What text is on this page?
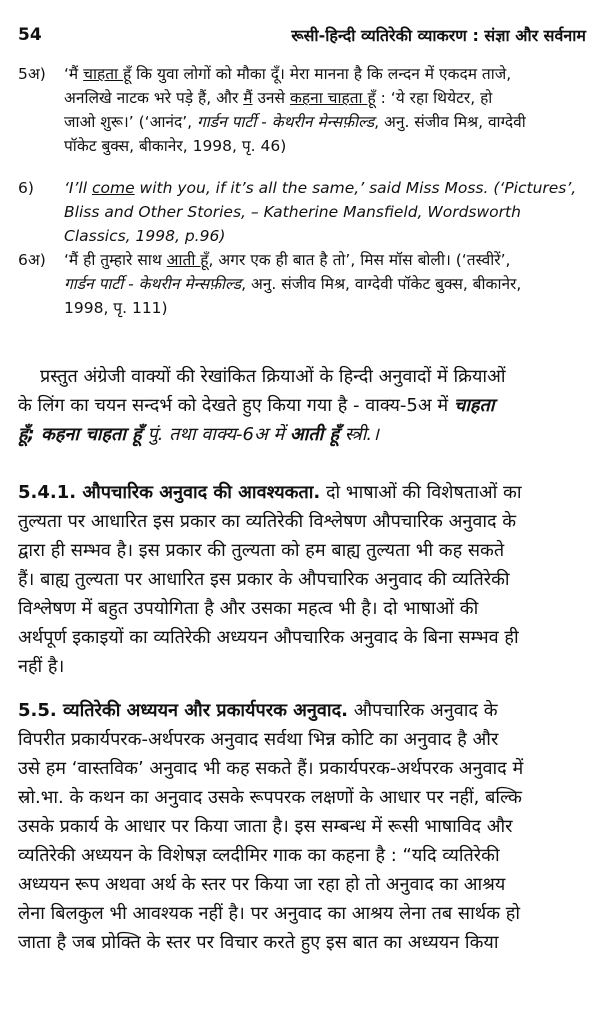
54	रूसी-हिन्दी व्यतिरेकी व्याकरण : संज्ञा और सर्वनाम
5अ) ‘मैं चाहता हूँ कि युवा लोगों को मौका दूँ। मेरा मानना है कि लन्दन में एकदम ताजे,
अनलिखे नाटक भरे पड़े हैं, और मैं उनसे कहना चाहता हूँ : ‘ये रहा थियेटर, हो
जाओ शुरू।’ (‘आनंद’, गार्डन पार्टी - केथरीन मेन्सफ़ील्ड, अनु. संजीव मिश्र, वाग्देवी
पॉकेट बुक्स, बीकानेर, 1998, पृ. 46)
6) ‘I’ll come with you, if it’s all the same,’ said Miss Moss. (‘Pictures’,
Bliss and Other Stories, – Katherine Mansfield, Wordsworth
Classics, 1998, p.96)
6अ) ‘मैं ही तुम्हारे साथ आती हूँ, अगर एक ही बात है तो’, मिस मॉस बोली। (‘तस्वीरें’,
गार्डन पार्टी - केथरीन मेन्सफ़ील्ड, अनु. संजीव मिश्र, वाग्देवी पॉकेट बुक्स, बीकानेर,
1998, पृ. 111)
प्रस्तुत अंग्रेजी वाक्यों की रेखांकित क्रियाओं के हिन्दी अनुवादों में क्रियाओं
के लिंग का चयन सन्दर्भ को देखते हुए किया गया है - वाक्य-5अ में चाहता
हूँ; कहना चाहता हूँ पुं. तथा वाक्य-6अ में आती हूँ स्त्री.।
5.4.1. औपचारिक अनुवाद की आवश्यकता. दो भाषाओं की विशेषताओं का
तुल्यता पर आधारित इस प्रकार का व्यतिरेकी विश्लेषण औपचारिक अनुवाद के
द्वारा ही सम्भव है। इस प्रकार की तुल्यता को हम बाह्य तुल्यता भी कह सकते
हैं। बाह्य तुल्यता पर आधारित इस प्रकार के औपचारिक अनुवाद की व्यतिरेकी
विश्लेषण में बहुत उपयोगिता है और उसका महत्व भी है। दो भाषाओं की
अर्थपूर्ण इकाइयों का व्यतिरेकी अध्ययन औपचारिक अनुवाद के बिना सम्भव ही
नहीं है।
5.5. व्यतिरेकी अध्ययन और प्रकार्यपरक अनुवाद. औपचारिक अनुवाद के
विपरीत प्रकार्यपरक-अर्थपरक अनुवाद सर्वथा भिन्न कोटि का अनुवाद है और
उसे हम ‘वास्तविक’ अनुवाद भी कह सकते हैं। प्रकार्यपरक-अर्थपरक अनुवाद में
स्रो.भा. के कथन का अनुवाद उसके रूपपरक लक्षणों के आधार पर नहीं, बल्कि
उसके प्रकार्य के आधार पर किया जाता है। इस सम्बन्ध में रूसी भाषाविद और
व्यतिरेकी अध्ययन के विशेषज्ञ व्लदीमिर गाक का कहना है : “यदि व्यतिरेकी
अध्ययन रूप अथवा अर्थ के स्तर पर किया जा रहा हो तो अनुवाद का आश्रय
लेना बिलकुल भी आवश्यक नहीं है। पर अनुवाद का आश्रय लेना तब सार्थक हो
जाता है जब प्रोक्ति के स्तर पर विचार करते हुए इस बात का अध्ययन किया
